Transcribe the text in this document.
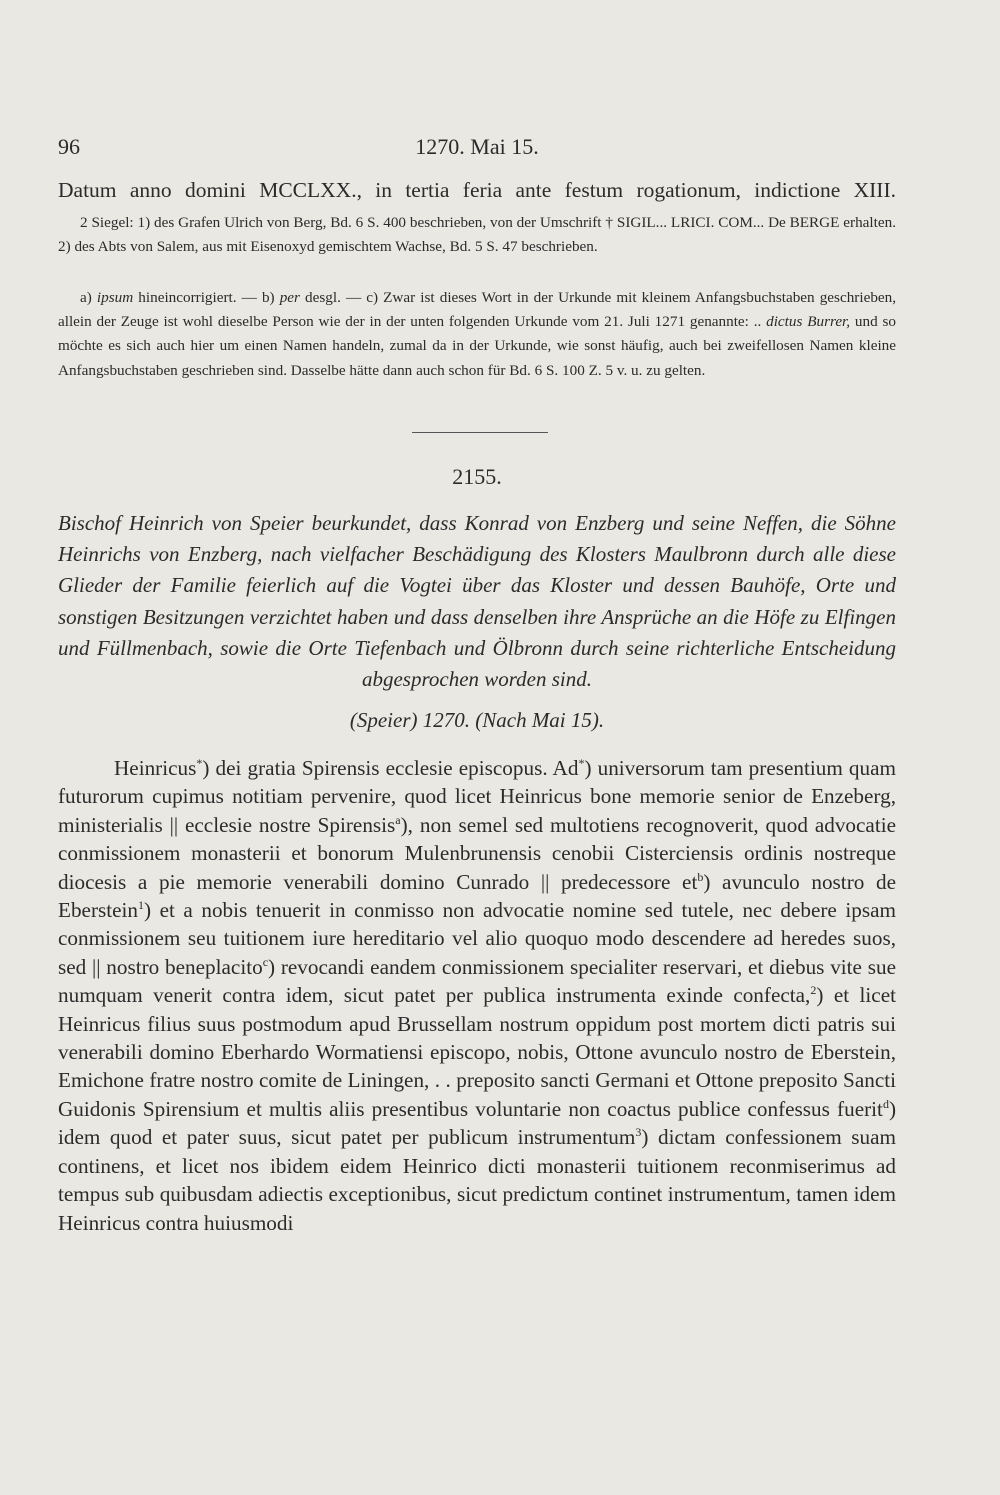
96	1270. Mai 15.
Datum anno domini MCCLXX., in tertia feria ante festum rogationum, indictione XIII.
2 Siegel: 1) des Grafen Ulrich von Berg, Bd. 6 S. 400 beschrieben, von der Umschrift † SIGIL... LRICI. COM... De BERGE erhalten. 2) des Abts von Salem, aus mit Eisenoxyd gemischtem Wachse, Bd. 5 S. 47 beschrieben.
a) ipsum hineincorrigiert. — b) per desgl. — c) Zwar ist dieses Wort in der Urkunde mit kleinem Anfangsbuchstaben geschrieben, allein der Zeuge ist wohl dieselbe Person wie der in der unten folgenden Urkunde vom 21. Juli 1271 genannte: .. dictus Burrer, und so möchte es sich auch hier um einen Namen handeln, zumal da in der Urkunde, wie sonst häufig, auch bei zweifellosen Namen kleine Anfangsbuchstaben geschrieben sind. Dasselbe hätte dann auch schon für Bd. 6 S. 100 Z. 5 v. u. zu gelten.
2155.
Bischof Heinrich von Speier beurkundet, dass Konrad von Enzberg und seine Neffen, die Söhne Heinrichs von Enzberg, nach vielfacher Beschädigung des Klosters Maulbronn durch alle diese Glieder der Familie feierlich auf die Vogtei über das Kloster und dessen Bauhöfe, Orte und sonstigen Besitzungen verzichtet haben und dass denselben ihre Ansprüche an die Höfe zu Elfingen und Füllmenbach, sowie die Orte Tiefenbach und Ölbronn durch seine richterliche Entscheidung abgesprochen worden sind.
(Speier) 1270. (Nach Mai 15).
Heinricus*) dei gratia Spirensis ecclesie episcopus. Ad*) universorum tam presentium quam futurorum cupimus notitiam pervenire, quod licet Heinricus bone memorie senior de Enzeberg, ministerialis || ecclesie nostre Spirensis$^a$), non semel sed multotiens recognoverit, quod advocatie conmissionem monasterii et bonorum Mulenbrunensis cenobii Cisterciensis ordinis nostreque diocesis a pie memorie venerabili domino Cunrado || predecessore $et^b$) avunculo nostro de Eberstein$^1$) et a nobis tenuerit in conmisso non advocatie nomine sed tutele, nec debere ipsam conmissionem seu tuitionem iure hereditario vel alio quoquo modo descendere ad heredes suos, sed || nostro beneplacito$^c$) revocandi eandem conmissionem specialiter reservari, et diebus vite sue numquam venerit contra idem, sicut patet per publica instrumenta exinde confecta,$^2$) et licet Heinricus filius suus postmodum apud Brussellam nostrum oppidum post mortem dicti patris sui venerabili domino Eberhardo Wormatiensi episcopo, nobis, Ottone avunculo nostro de Eberstein, Emichone fratre nostro comite de Liningen, . . preposito sancti Germani et Ottone preposito Sancti Guidonis Spirensium et multis aliis presentibus voluntarie non coactus publice confessus fuerit$^d$) idem quod et pater suus, sicut patet per publicum instrumentum$^3$) dictam confessionem suam continens, et licet nos ibidem eidem Heinrico dicti monasterii tuitionem reconmiserimus ad tempus sub quibusdam adiectis exceptionibus, sicut predictum continet instrumentum, tamen idem Heinricus contra huiusmodi
